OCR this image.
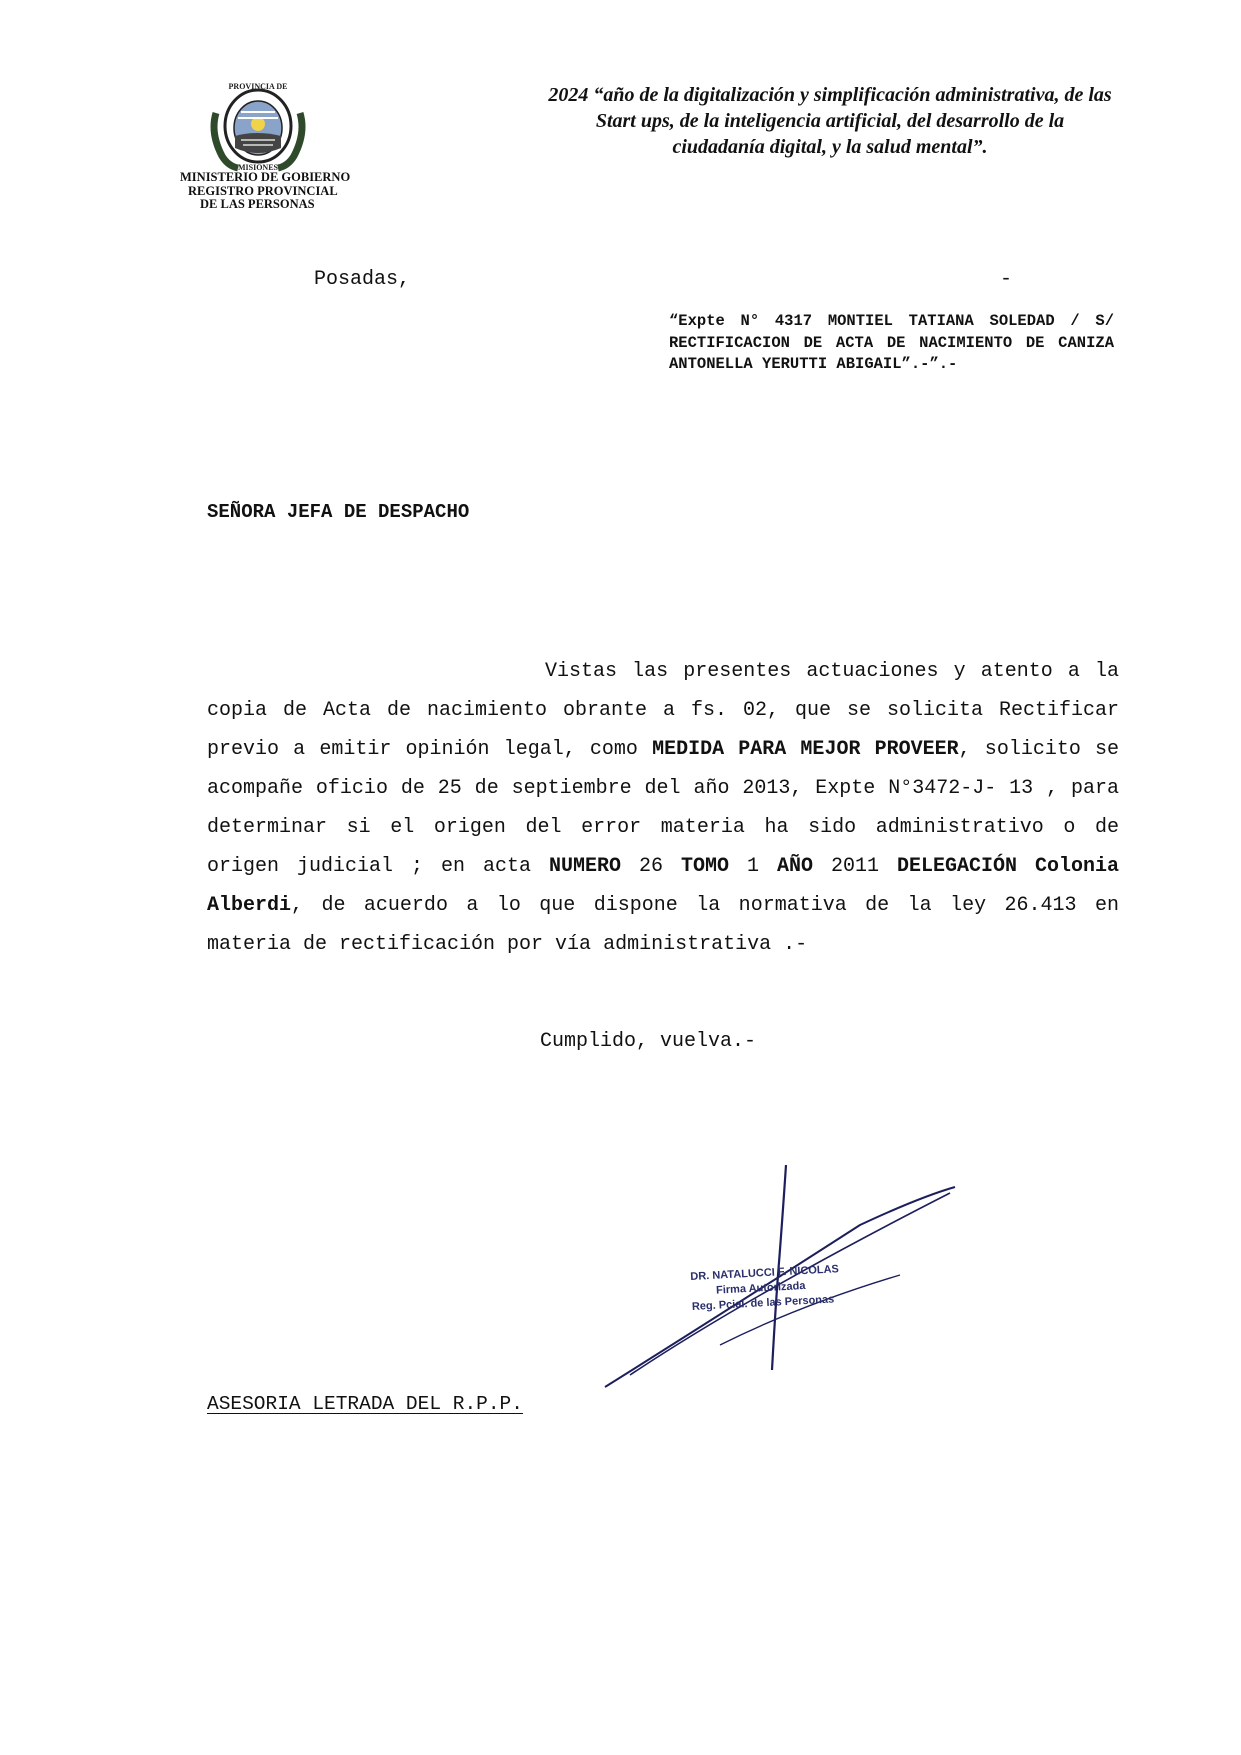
PROVINCIA DE
MISIONES
MINISTERIO DE GOBIERNO
REGISTRO PROVINCIAL
DE LAS PERSONAS
2024 “año de la digitalización y simplificación administrativa, de las
Start ups, de la inteligencia artificial, del desarrollo de la
ciudadanía digital, y la salud mental”.
Posadas,	-
“Expte N° 4317 MONTIEL TATIANA SOLEDAD / S/ RECTIFICACION DE ACTA DE NACIMIENTO DE CANIZA ANTONELLA YERUTTI ABIGAIL”.-”.-
SEÑORA JEFA DE DESPACHO

Vistas las presentes actuaciones y atento a la copia de Acta de nacimiento obrante a fs. 02, que se solicita Rectificar previo a emitir opinión legal, como MEDIDA PARA MEJOR PROVEER, solicito se acompañe oficio de 25 de septiembre del año 2013, Expte N°3472-J- 13 , para determinar si el origen del error materia ha sido administrativo o de origen judicial ; en acta NUMERO 26 TOMO 1 AÑO 2011 DELEGACIÓN Colonia Alberdi, de acuerdo a lo que dispone la normativa de la ley 26.413 en materia de rectificación por vía administrativa .-

Cumplido, vuelva.-
DR. NATALUCCI F. NICOLAS
Firma Autorizada
Reg. Pcial. de las Personas
ASESORIA LETRADA DEL R.P.P.
